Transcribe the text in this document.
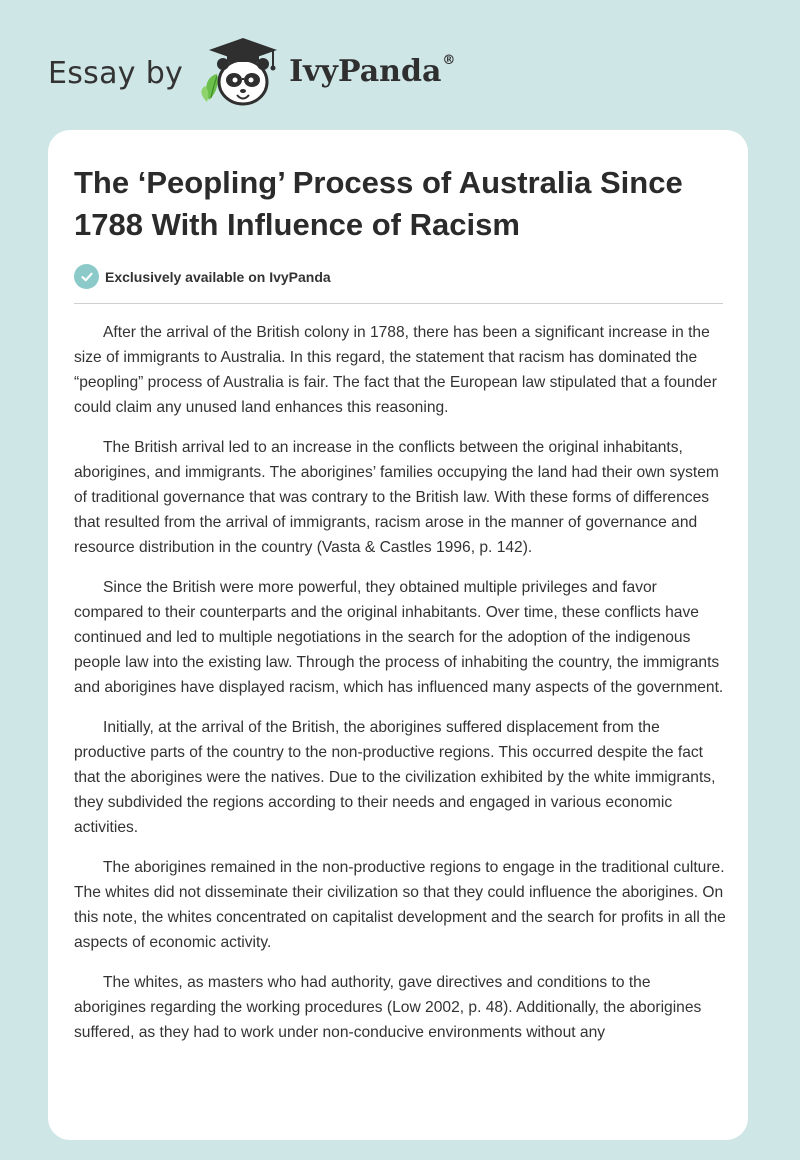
Essay by	IvyPanda®
The ‘Peopling’ Process of Australia Since 1788 With Influence of Racism
Exclusively available on IvyPanda

After the arrival of the British colony in 1788, there has been a significant increase in the size of immigrants to Australia. In this regard, the statement that racism has dominated the “peopling” process of Australia is fair. The fact that the European law stipulated that a founder could claim any unused land enhances this reasoning.

The British arrival led to an increase in the conflicts between the original inhabitants, aborigines, and immigrants. The aborigines’ families occupying the land had their own system of traditional governance that was contrary to the British law. With these forms of differences that resulted from the arrival of immigrants, racism arose in the manner of governance and resource distribution in the country (Vasta & Castles 1996, p. 142).

Since the British were more powerful, they obtained multiple privileges and favor compared to their counterparts and the original inhabitants. Over time, these conflicts have continued and led to multiple negotiations in the search for the adoption of the indigenous people law into the existing law. Through the process of inhabiting the country, the immigrants and aborigines have displayed racism, which has influenced many aspects of the government.

Initially, at the arrival of the British, the aborigines suffered displacement from the productive parts of the country to the non-productive regions. This occurred despite the fact that the aborigines were the natives. Due to the civilization exhibited by the white immigrants, they subdivided the regions according to their needs and engaged in various economic activities.

The aborigines remained in the non-productive regions to engage in the traditional culture. The whites did not disseminate their civilization so that they could influence the aborigines. On this note, the whites concentrated on capitalist development and the search for profits in all the aspects of economic activity.

The whites, as masters who had authority, gave directives and conditions to the aborigines regarding the working procedures (Low 2002, p. 48). Additionally, the aborigines suffered, as they had to work under non-conducive environments without any
